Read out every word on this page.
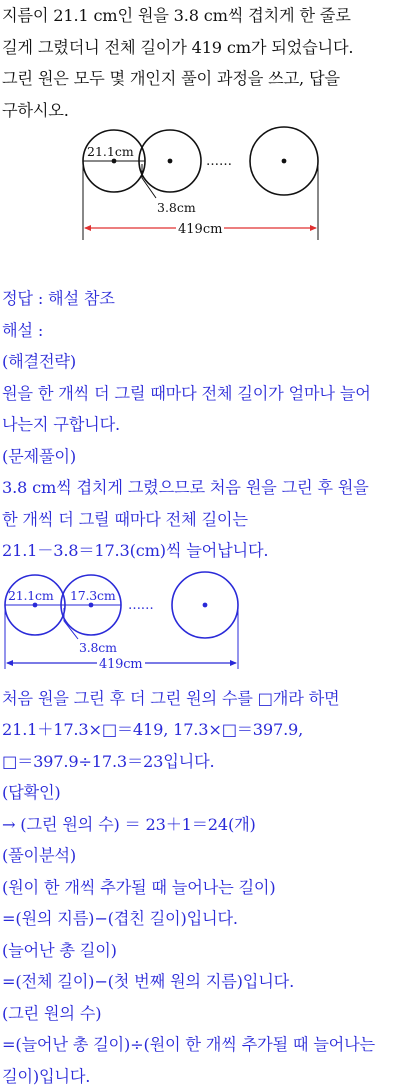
지름이 21.1 cm인 원을 3.8 cm씩 겹치게 한 줄로
길게 그렸더니 전체 길이가 419 cm가 되었습니다.
그린 원은 모두 몇 개인지 풀이 과정을 쓰고, 답을
구하시오.
21.1cm
……
3.8cm
419cm
정답 : 해설 참조
해설 :
(해결전략)
원을 한 개씩 더 그릴 때마다 전체 길이가 얼마나 늘어
나는지 구합니다.
(문제풀이)
3.8 cm씩 겹치게 그렸으므로 처음 원을 그린 후 원을
한 개씩 더 그릴 때마다 전체 길이는
21.1－3.8＝17.3(cm)씩 늘어납니다.
21.1cm 17.3cm
……
3.8cm
419cm
처음 원을 그린 후 더 그린 원의 수를 □개라 하면
21.1＋17.3×□＝419, 17.3×□＝397.9,
□＝397.9÷17.3＝23입니다.
(답확인)
→ (그린 원의 수) ＝ 23＋1＝24(개)
(풀이분석)
(원이 한 개씩 추가될 때 늘어나는 길이)
=(원의 지름)−(겹친 길이)입니다.
(늘어난 총 길이)
=(전체 길이)−(첫 번째 원의 지름)입니다.
(그린 원의 수)
=(늘어난 총 길이)÷(원이 한 개씩 추가될 때 늘어나는
길이)입니다.
